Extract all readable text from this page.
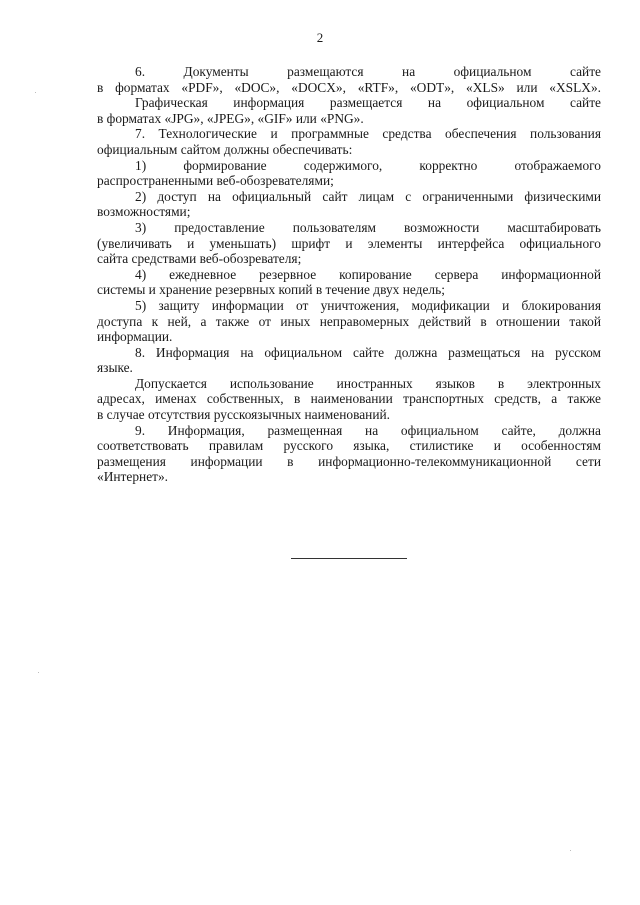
2
6. Документы размещаются на официальном сайте
в форматах «PDF», «DOC», «DOCX», «RTF», «ODT», «XLS» или «XSLX».
Графическая информация размещается на официальном сайте
в форматах «JPG», «JPEG», «GIF» или «PNG».
7. Технологические и программные средства обеспечения пользования
официальным сайтом должны обеспечивать:
1) формирование содержимого, корректно отображаемого
распространенными веб-обозревателями;
2) доступ на официальный сайт лицам с ограниченными физическими
возможностями;
3) предоставление пользователям возможности масштабировать
(увеличивать и уменьшать) шрифт и элементы интерфейса официального
сайта средствами веб-обозревателя;
4) ежедневное резервное копирование сервера информационной
системы и хранение резервных копий в течение двух недель;
5) защиту информации от уничтожения, модификации и блокирования
доступа к ней, а также от иных неправомерных действий в отношении такой
информации.
8. Информация на официальном сайте должна размещаться на русском
языке.
Допускается использование иностранных языков в электронных
адресах, именах собственных, в наименовании транспортных средств, а также
в случае отсутствия русскоязычных наименований.
9. Информация, размещенная на официальном сайте, должна
соответствовать правилам русского языка, стилистике и особенностям
размещения информации в информационно-телекоммуникационной сети
«Интернет».
